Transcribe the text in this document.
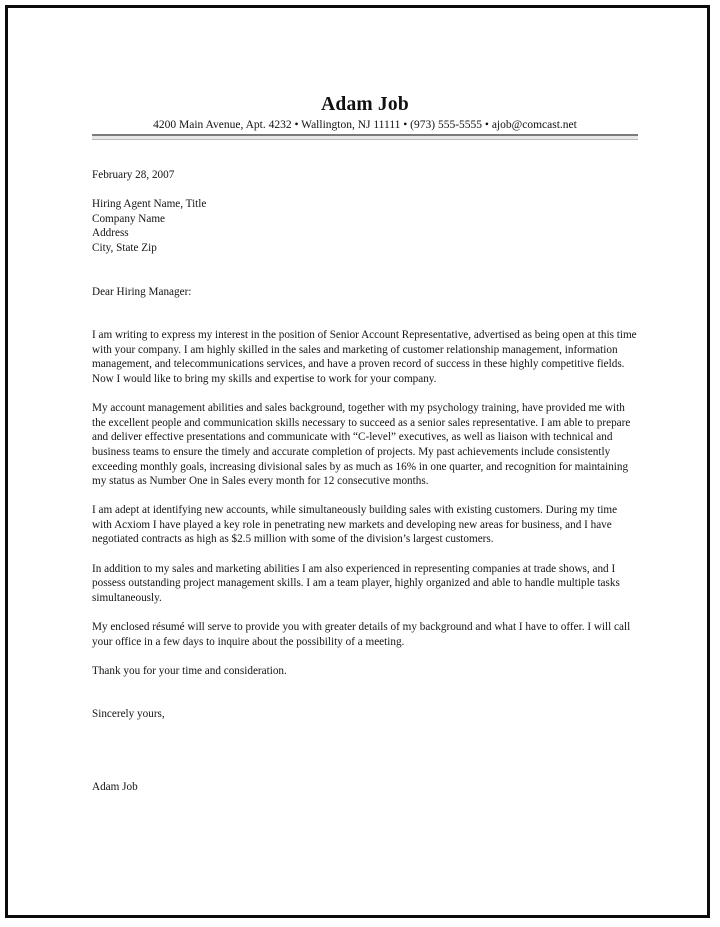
Adam Job
4200 Main Avenue, Apt. 4232 • Wallington, NJ 11111 • (973) 555-5555 • ajob@comcast.net
February 28, 2007
Hiring Agent Name, Title
Company Name
Address
City, State Zip
Dear Hiring Manager:

I am writing to express my interest in the position of Senior Account Representative, advertised as being open at this time with your company. I am highly skilled in the sales and marketing of customer relationship management, information management, and telecommunications services, and have a proven record of success in these highly competitive fields. Now I would like to bring my skills and expertise to work for your company.

My account management abilities and sales background, together with my psychology training, have provided me with the excellent people and communication skills necessary to succeed as a senior sales representative. I am able to prepare and deliver effective presentations and communicate with “C-level” executives, as well as liaison with technical and business teams to ensure the timely and accurate completion of projects. My past achievements include consistently exceeding monthly goals, increasing divisional sales by as much as 16% in one quarter, and recognition for maintaining my status as Number One in Sales every month for 12 consecutive months.

I am adept at identifying new accounts, while simultaneously building sales with existing customers. During my time with Acxiom I have played a key role in penetrating new markets and developing new areas for business, and I have negotiated contracts as high as $2.5 million with some of the division’s largest customers.

In addition to my sales and marketing abilities I am also experienced in representing companies at trade shows, and I possess outstanding project management skills. I am a team player, highly organized and able to handle multiple tasks simultaneously.

My enclosed résumé will serve to provide you with greater details of my background and what I have to offer. I will call your office in a few days to inquire about the possibility of a meeting.

Thank you for your time and consideration.

Sincerely yours,
Adam Job
